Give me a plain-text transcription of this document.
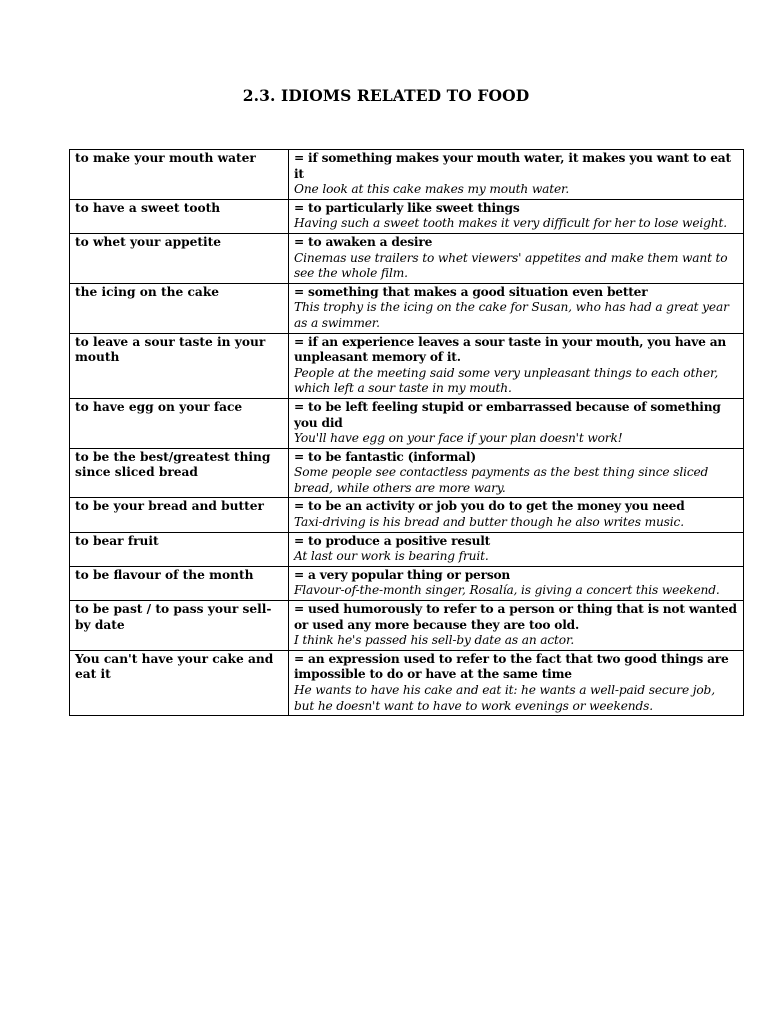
2.3. IDIOMS RELATED TO FOOD
to make your mouth water	= if something makes your mouth water, it makes you want to eat it
One look at this cake makes my mouth water.

to have a sweet tooth	= to particularly like sweet things
Having such a sweet tooth makes it very difficult for her to lose weight.

to whet your appetite	= to awaken a desire
Cinemas use trailers to whet viewers' appetites and make them want to see the whole film.

the icing on the cake	= something that makes a good situation even better
This trophy is the icing on the cake for Susan, who has had a great year as a swimmer.

to leave a sour taste in your mouth	= if an experience leaves a sour taste in your mouth, you have an unpleasant memory of it.
People at the meeting said some very unpleasant things to each other, which left a sour taste in my mouth.

to have egg on your face	= to be left feeling stupid or embarrassed because of something you did
You'll have egg on your face if your plan doesn't work!

to be the best/greatest thing since sliced bread	= to be fantastic (informal)
Some people see contactless payments as the best thing since sliced bread, while others are more wary.

to be your bread and butter	= to be an activity or job you do to get the money you need
Taxi-driving is his bread and butter though he also writes music.

to bear fruit	= to produce a positive result
At last our work is bearing fruit.

to be flavour of the month	= a very popular thing or person
Flavour-of-the-month singer, Rosalía, is giving a concert this weekend.

to be past / to pass your sell-by date	= used humorously to refer to a person or thing that is not wanted or used any more because they are too old.
I think he's passed his sell-by date as an actor.

You can't have your cake and eat it	= an expression used to refer to the fact that two good things are impossible to do or have at the same time
He wants to have his cake and eat it: he wants a well-paid secure job, but he doesn't want to have to work evenings or weekends.
